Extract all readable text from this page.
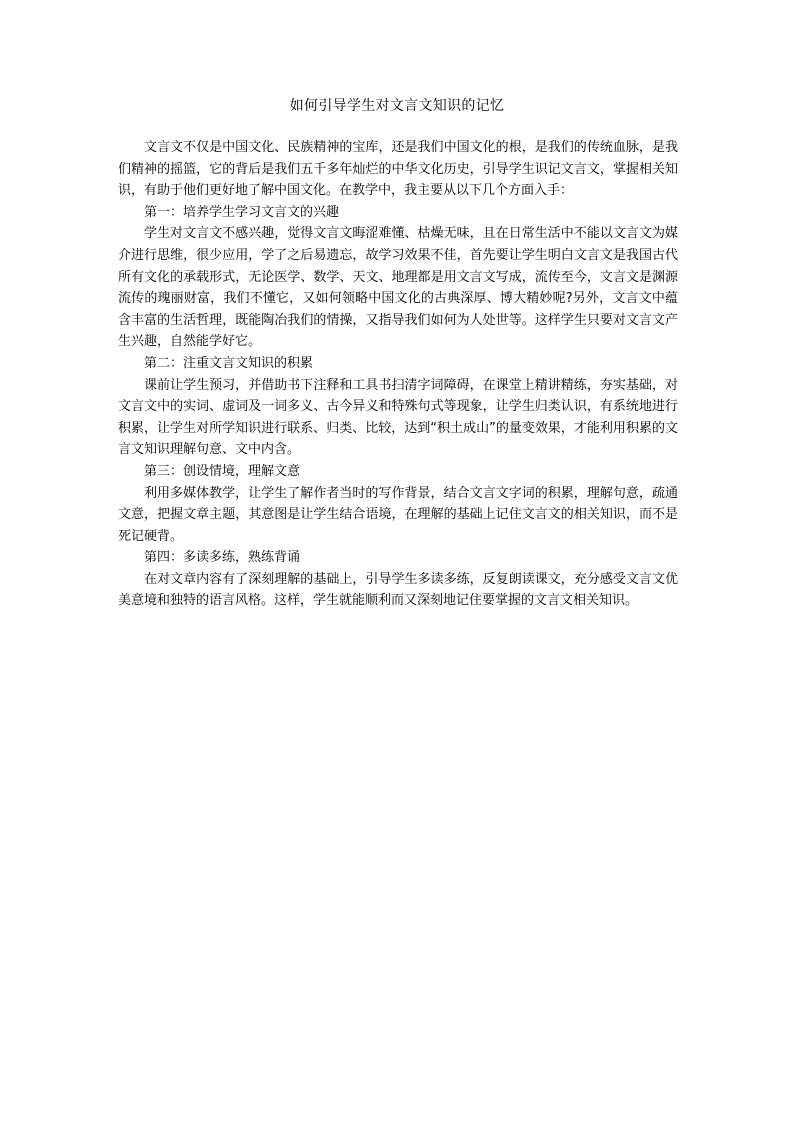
如何引导学生对文言文知识的记忆

文言文不仅是中国文化、民族精神的宝库，还是我们中国文化的根，是我们的传统血脉，是我们精神的摇篮，它的背后是我们五千多年灿烂的中华文化历史，引导学生识记文言文，掌握相关知识，有助于他们更好地了解中国文化。在教学中，我主要从以下几个方面入手：

第一：培养学生学习文言文的兴趣

学生对文言文不感兴趣，觉得文言文晦涩难懂、枯燥无味，且在日常生活中不能以文言文为媒介进行思维，很少应用，学了之后易遗忘，故学习效果不佳，首先要让学生明白文言文是我国古代所有文化的承载形式，无论医学、数学、天文、地理都是用文言文写成，流传至今，文言文是渊源流传的瑰丽财富，我们不懂它，又如何领略中国文化的古典深厚、博大精妙呢?另外，文言文中蕴含丰富的生活哲理，既能陶冶我们的情操，又指导我们如何为人处世等。这样学生只要对文言文产生兴趣，自然能学好它。

第二：注重文言文知识的积累

课前让学生预习，并借助书下注释和工具书扫清字词障碍，在课堂上精讲精练，夯实基础，对文言文中的实词、虚词及一词多义、古今异义和特殊句式等现象，让学生归类认识，有系统地进行积累，让学生对所学知识进行联系、归类、比较，达到“积土成山”的量变效果，才能利用积累的文言文知识理解句意、文中内含。

第三：创设情境，理解文意

利用多媒体教学，让学生了解作者当时的写作背景，结合文言文字词的积累，理解句意，疏通文意，把握文章主题，其意图是让学生结合语境，在理解的基础上记住文言文的相关知识，而不是死记硬背。

第四：多读多练，熟练背诵

在对文章内容有了深刻理解的基础上，引导学生多读多练，反复朗读课文，充分感受文言文优美意境和独特的语言风格。这样，学生就能顺利而又深刻地记住要掌握的文言文相关知识。
